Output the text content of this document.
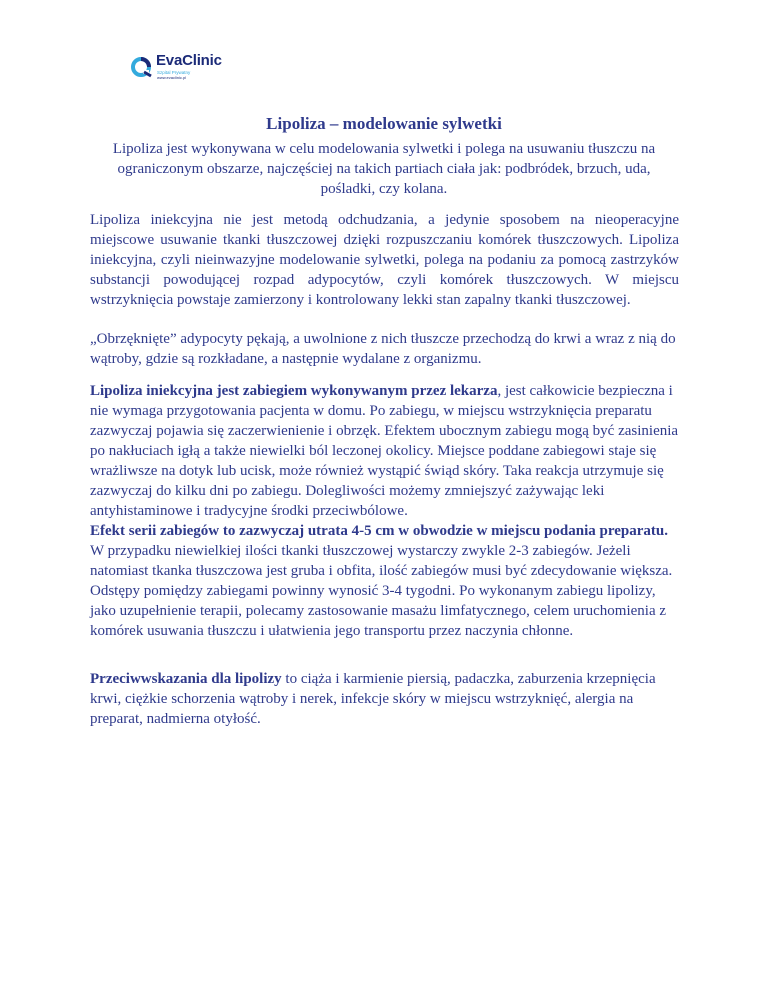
EvaClinic
Szpital Prywatny
www.evaclinic.pl
Lipoliza – modelowanie sylwetki
Lipoliza jest wykonywana w celu modelowania sylwetki i polega na usuwaniu tłuszczu na ograniczonym obszarze, najczęściej na takich partiach ciała jak: podbródek, brzuch, uda, pośladki, czy kolana.
Lipoliza iniekcyjna nie jest metodą odchudzania, a jedynie sposobem na nieoperacyjne miejscowe usuwanie tkanki tłuszczowej dzięki rozpuszczaniu komórek tłuszczowych. Lipoliza iniekcyjna, czyli nieinwazyjne modelowanie sylwetki, polega na podaniu za pomocą zastrzyków substancji powodującej rozpad adypocytów, czyli komórek tłuszczowych. W miejscu wstrzyknięcia powstaje zamierzony i kontrolowany lekki stan zapalny tkanki tłuszczowej.
„Obrzęknięte” adypocyty pękają, a uwolnione z nich tłuszcze przechodzą do krwi a wraz z nią do wątroby, gdzie są rozkładane, a następnie wydalane z organizmu.
Lipoliza iniekcyjna jest zabiegiem wykonywanym przez lekarza, jest całkowicie bezpieczna i nie wymaga przygotowania pacjenta w domu. Po zabiegu, w miejscu wstrzyknięcia preparatu zazwyczaj pojawia się zaczerwienienie i obrzęk. Efektem ubocznym zabiegu mogą być zasinienia po nakłuciach igłą a także niewielki ból leczonej okolicy. Miejsce poddane zabiegowi staje się wrażliwsze na dotyk lub ucisk, może również wystąpić świąd skóry. Taka reakcja utrzymuje się zazwyczaj do kilku dni po zabiegu. Dolegliwości możemy zmniejszyć zażywając leki antyhistaminowe i tradycyjne środki przeciwbólowe.
Efekt serii zabiegów to zazwyczaj utrata 4-5 cm w obwodzie w miejscu podania preparatu. W przypadku niewielkiej ilości tkanki tłuszczowej wystarczy zwykle 2-3 zabiegów. Jeżeli natomiast tkanka tłuszczowa jest gruba i obfita, ilość zabiegów musi być zdecydowanie większa. Odstępy pomiędzy zabiegami powinny wynosić 3-4 tygodni. Po wykonanym zabiegu lipolizy, jako uzupełnienie terapii, polecamy zastosowanie masażu limfatycznego, celem uruchomienia z komórek usuwania tłuszczu i ułatwienia jego transportu przez naczynia chłonne.
Przeciwwskazania dla lipolizy to ciąża i karmienie piersią, padaczka, zaburzenia krzepnięcia krwi, ciężkie schorzenia wątroby i nerek, infekcje skóry w miejscu wstrzyknięć, alergia na preparat, nadmierna otyłość.
